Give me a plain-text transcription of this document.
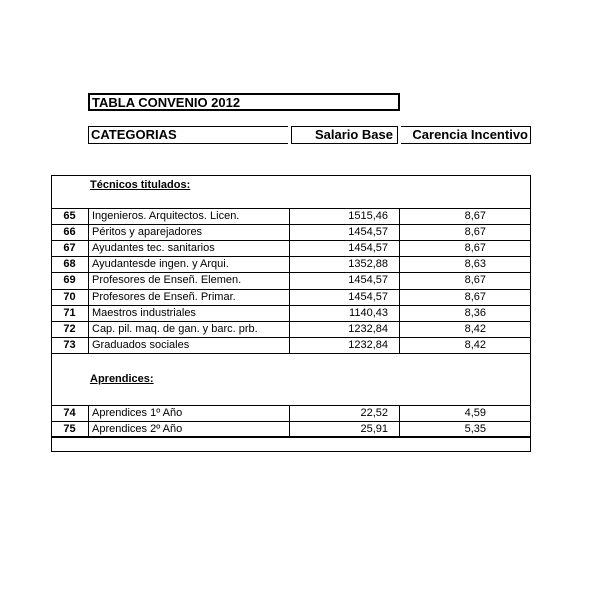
TABLA CONVENIO 2012
CATEGORIAS	Salario Base	Carencia Incentivo
Técnicos titulados:
Aprendices:
65	Ingenieros. Arquitectos. Licen.	1515,46	8,67
66	Péritos y aparejadores	1454,57	8,67
67	Ayudantes tec. sanitarios	1454,57	8,67
68	Ayudantesde ingen. y Arqui.	1352,88	8,63
69	Profesores de Enseñ. Elemen.	1454,57	8,67
70	Profesores de Enseñ. Primar.	1454,57	8,67
71	Maestros industriales	1140,43	8,36
72	Cap. pil. maq. de gan. y barc. prb.	1232,84	8,42
73	Graduados sociales	1232,84	8,42
74	Aprendices 1º Año	22,52	4,59
75	Aprendices 2º Año	25,91	5,35
